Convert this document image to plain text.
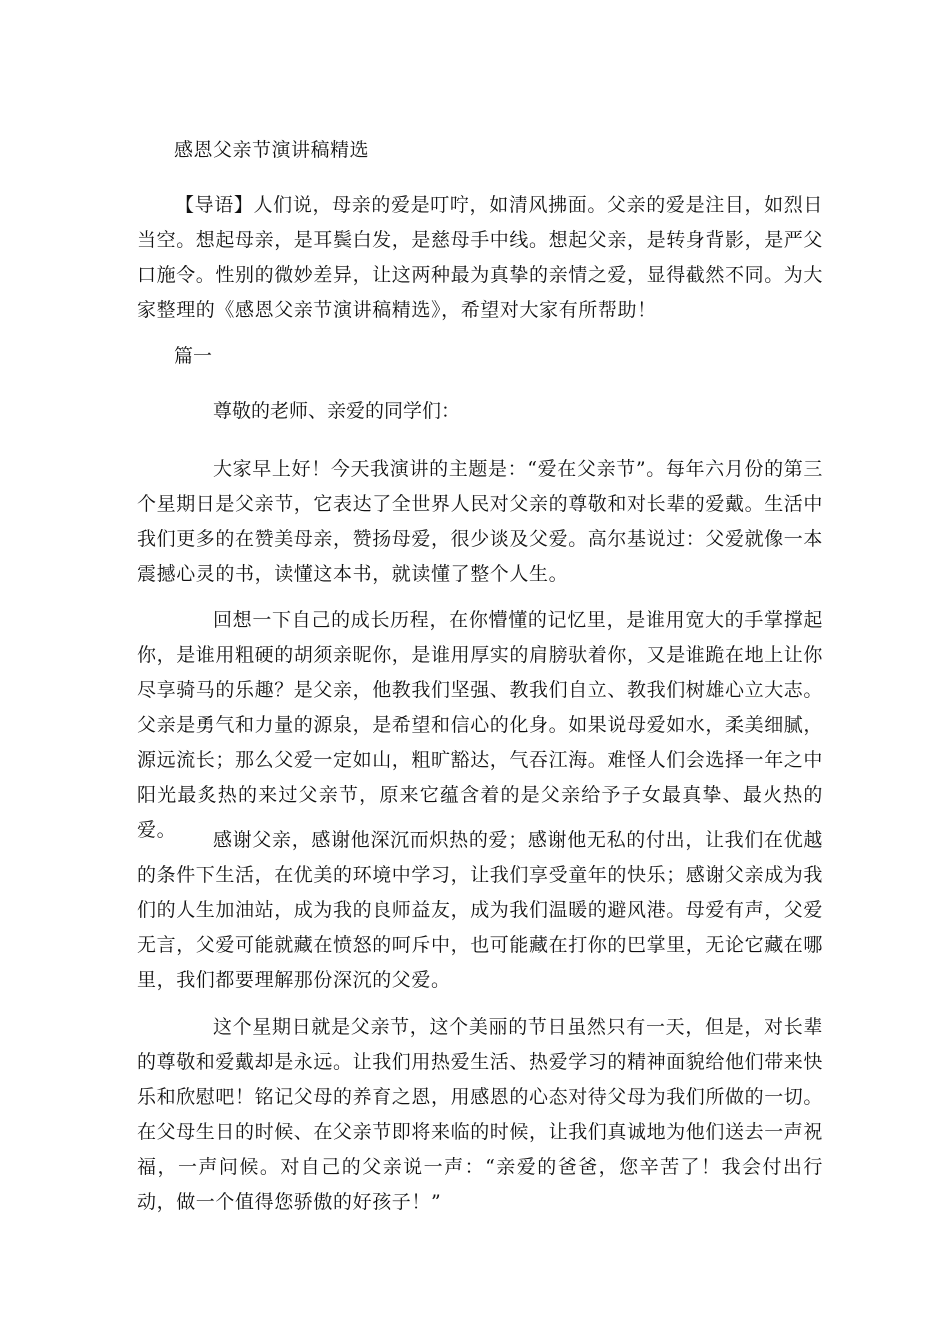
感恩父亲节演讲稿精选

【导语】人们说，母亲的爱是叮咛，如清风拂面。父亲的爱是注目，如烈日当空。想起母亲，是耳鬓白发，是慈母手中线。想起父亲，是转身背影，是严父口施令。性别的微妙差异，让这两种最为真挚的亲情之爱，显得截然不同。为大家整理的《感恩父亲节演讲稿精选》，希望对大家有所帮助！

篇一

尊敬的老师、亲爱的同学们：

大家早上好！今天我演讲的主题是：“爱在父亲节”。每年六月份的第三个星期日是父亲节，它表达了全世界人民对父亲的尊敬和对长辈的爱戴。生活中我们更多的在赞美母亲，赞扬母爱，很少谈及父爱。高尔基说过：父爱就像一本震撼心灵的书，读懂这本书，就读懂了整个人生。

回想一下自己的成长历程，在你懵懂的记忆里，是谁用宽大的手掌撑起你，是谁用粗硬的胡须亲昵你，是谁用厚实的肩膀驮着你，又是谁跪在地上让你尽享骑马的乐趣？是父亲，他教我们坚强、教我们自立、教我们树雄心立大志。父亲是勇气和力量的源泉，是希望和信心的化身。如果说母爱如水，柔美细腻，源远流长；那么父爱一定如山，粗旷豁达，气吞江海。难怪人们会选择一年之中阳光最炙热的来过父亲节，原来它蕴含着的是父亲给予子女最真挚、最火热的爱。	感谢父亲，感谢他深沉而炽热的爱；感谢他无私的付出，让我们在优越的条件下生活，在优美的环境中学习，让我们享受童年的快乐；感谢父亲成为我们的人生加油站，成为我的良师益友，成为我们温暖的避风港。母爱有声，父爱无言，父爱可能就藏在愤怒的呵斥中，也可能藏在打你的巴掌里，无论它藏在哪里，我们都要理解那份深沉的父爱。

这个星期日就是父亲节，这个美丽的节日虽然只有一天，但是，对长辈的尊敬和爱戴却是永远。让我们用热爱生活、热爱学习的精神面貌给他们带来快乐和欣慰吧！铭记父母的养育之恩，用感恩的心态对待父母为我们所做的一切。在父母生日的时候、在父亲节即将来临的时候，让我们真诚地为他们送去一声祝福，一声问候。对自己的父亲说一声：“亲爱的爸爸，您辛苦了！我会付出行动，做一个值得您骄傲的好孩子！”
